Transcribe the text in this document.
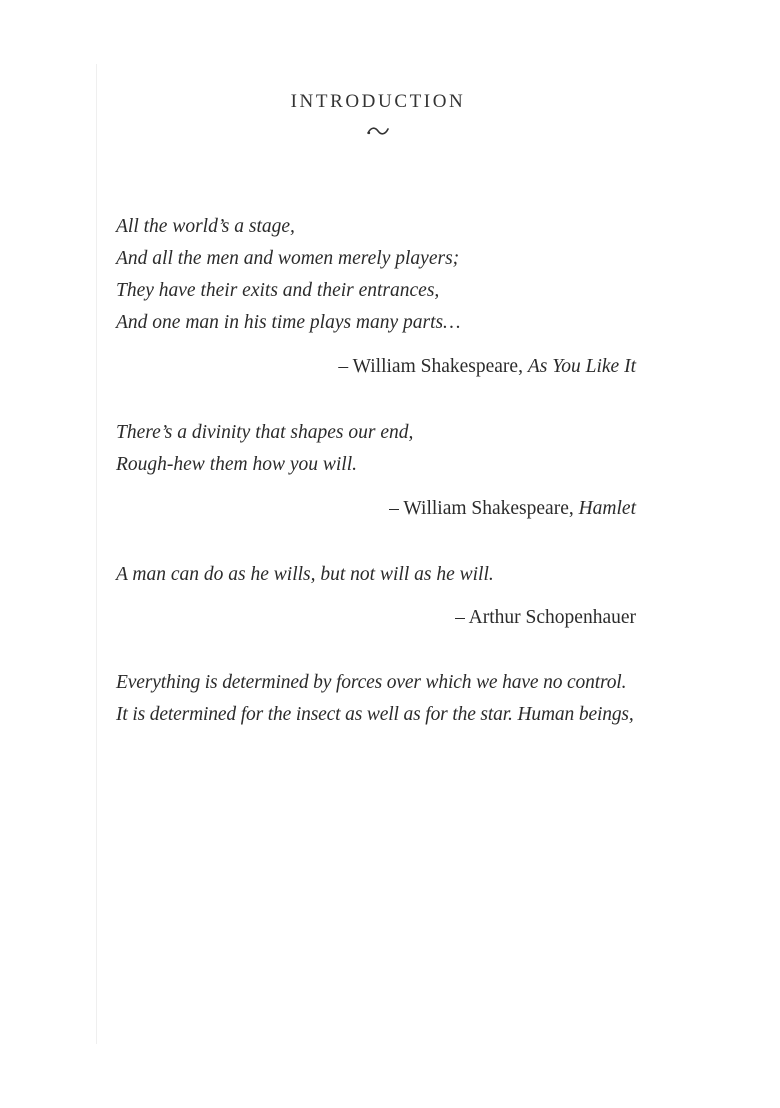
INTRODUCTION
All the world’s a stage,
And all the men and women merely players;
They have their exits and their entrances,
And one man in his time plays many parts…
– William Shakespeare, As You Like It
There’s a divinity that shapes our end,
Rough-hew them how you will.
– William Shakespeare, Hamlet
A man can do as he wills, but not will as he will.
– Arthur Schopenhauer
Everything is determined by forces over which we have no control.
It is determined for the insect as well as for the star. Human beings,
